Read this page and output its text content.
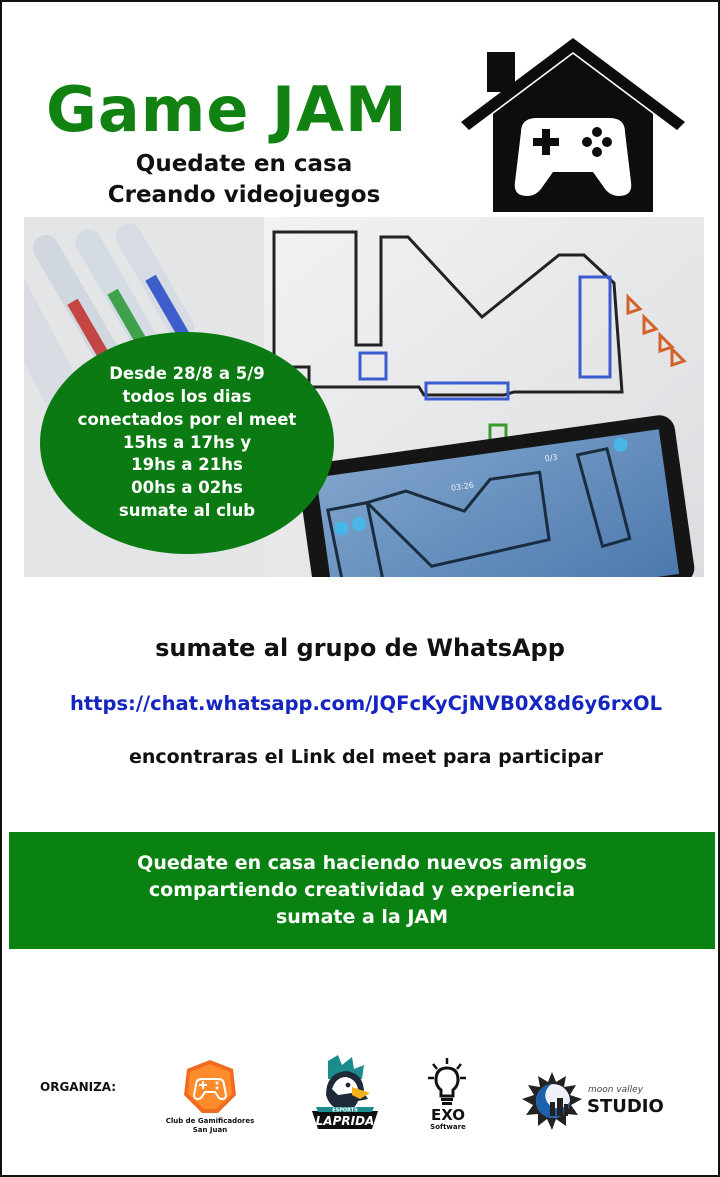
Game JAM
Quedate en casa
Creando videojuegos
03:26
0/3
Desde 28/8 a 5/9
todos los dias
conectados por el meet
15hs a 17hs y
19hs a 21hs
00hs a 02hs
sumate al club
sumate al grupo de WhatsApp
https://chat.whatsapp.com/JQFcKyCjNVB0X8d6y6rxOL
encontraras el Link del meet para participar
Quedate en casa haciendo nuevos amigos
compartiendo creatividad y experiencia
sumate a la JAM
ORGANIZA:
Club de Gamificadores
San Juan
ESPORTS
LAPRIDA	EXO
Software
moon valley
STUDIO
